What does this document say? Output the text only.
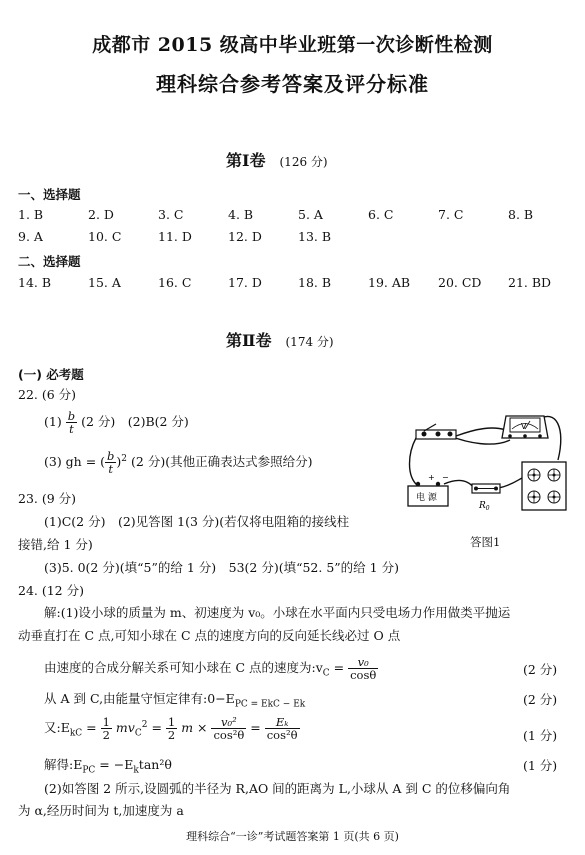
成都市 2015 级高中毕业班第一次诊断性检测
理科综合参考答案及评分标准
第Ⅰ卷 (126 分)
一、选择题
1. B	2. D	3. C	4. B	5. A	6. C	7. C	8. B
9. A	10. C	11. D	12. D	13. B
二、选择题
14. B	15. A	16. C	17. D	18. B	19. AB 20. CD 21. BD
第Ⅱ卷 (174 分)
(一) 必考题
22. (6 分)
$(1) \frac{b}{t} (2$ 分)　(2)B(2 分)
(3) gh = ( $\frac{b}{t} )^2$ (2 分)(其他正确表达式参照给分)
23. (9 分)
(1)C(2 分)　(2)见答图 1(3 分)(若仅将电阻箱的接线柱
接错,给 1 分)
(3)5. 0(2 分)(填“5”的给 1 分)　53(2 分)(填“52. 5”的给 1 分)
V
电 源
+ −
$R_0$
答图1
24. (12 分)
解:(1)设小球的质量为 m、初速度为 v₀。小球在水平面内只受电场力作用做类平抛运
动垂直打在 C 点,可知小球在 C 点的速度方向的反向延长线必过 O 点
由速度的合成分解关系可知小球在 C 点的速度为$:v_C = \frac{\text{v₀}}{\cos\theta}$	(2 分)
从 A 到 C,由能量守恒定律有$:0-E_{PC = EkC - Ek}$	(2 分)
又$:E_{kC} = \frac{1}{2} mv_C^2 = \frac{1}{2}$ $m \times \frac{\text{v₀²}}{\text{cos²θ}} = \frac{\text{Eₖ}}{\text{cos²θ}}$	(1 分)
解得$:E_{PC} = -E_k\tan^2\theta$	(1 分)
(2)如答图 2 所示,设圆弧的半径为 R,AO 间的距离为 L,小球从 A 到 C 的位移偏向角
为 α,经历时间为 t,加速度为 a
理科综合“一诊”考试题答案第 1 页(共 6 页)
